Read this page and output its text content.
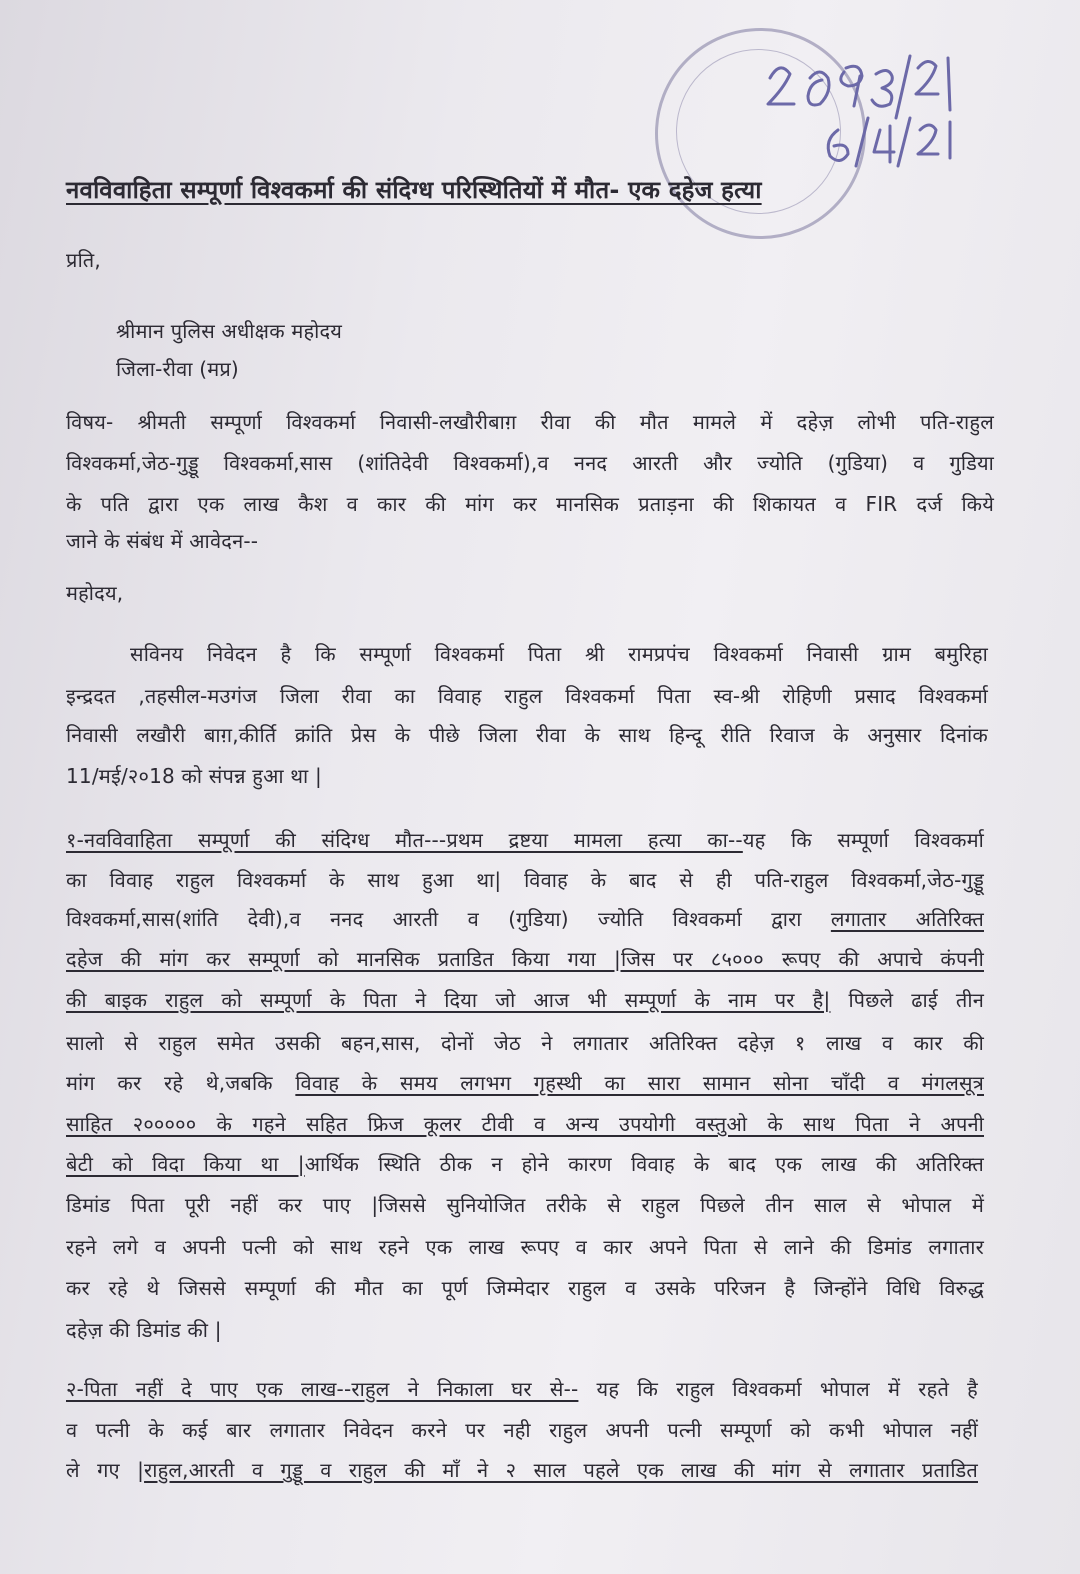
नवविवाहिता सम्पूर्णा विश्वकर्मा की संदिग्ध परिस्थितियों में मौत- एक दहेज हत्या
प्रति,
श्रीमान पुलिस अधीक्षक महोदय
जिला-रीवा (मप्र)
विषय- श्रीमती सम्पूर्णा विश्वकर्मा निवासी-लखौरीबाग़ रीवा की मौत मामले में दहेज़ लोभी पति-राहुल
विश्वकर्मा,जेठ-गुड्डू विश्वकर्मा,सास (शांतिदेवी विश्वकर्मा),व ननद आरती और ज्योति (गुडिया) व गुडिया
के पति द्वारा एक लाख कैश व कार की मांग कर मानसिक प्रताड़ना की शिकायत व FIR दर्ज किये
जाने के संबंध में आवेदन--
महोदय,
सविनय निवेदन है कि सम्पूर्णा विश्वकर्मा पिता श्री रामप्रपंच विश्वकर्मा निवासी ग्राम बमुरिहा
इन्द्रदत ,तहसील-मउगंज जिला रीवा का विवाह राहुल विश्वकर्मा पिता स्व-श्री रोहिणी प्रसाद विश्वकर्मा
निवासी लखौरी बाग़,कीर्ति क्रांति प्रेस के पीछे जिला रीवा के साथ हिन्दू रीति रिवाज के अनुसार दिनांक
11/मई/२०18 को संपन्न हुआ था |
१-नवविवाहिता सम्पूर्णा की संदिग्ध मौत---प्रथम द्रष्टया मामला हत्या का--यह कि सम्पूर्णा विश्वकर्मा
का विवाह राहुल विश्वकर्मा के साथ हुआ था| विवाह के बाद से ही पति-राहुल विश्वकर्मा,जेठ-गुड्डू
विश्वकर्मा,सास(शांति देवी),व ननद आरती व (गुडिया) ज्योति विश्वकर्मा द्वारा लगातार अतिरिक्त
दहेज की मांग कर सम्पूर्णा को मानसिक प्रताडित किया गया |जिस पर ८५००० रूपए की अपाचे कंपनी
की बाइक राहुल को सम्पूर्णा के पिता ने दिया जो आज भी सम्पूर्णा के नाम पर है| पिछले ढाई तीन
सालो से राहुल समेत उसकी बहन,सास, दोनों जेठ ने लगातार अतिरिक्त दहेज़ १ लाख व कार की
मांग कर रहे थे,जबकि विवाह के समय लगभग गृहस्थी का सारा सामान सोना चाँदी व मंगलसूत्र
साहित २००००० के गहने सहित फ्रिज कूलर टीवी व अन्य उपयोगी वस्तुओ के साथ पिता ने अपनी
बेटी को विदा किया था |आर्थिक स्थिति ठीक न होने कारण विवाह के बाद एक लाख की अतिरिक्त
डिमांड पिता पूरी नहीं कर पाए |जिससे सुनियोजित तरीके से राहुल पिछले तीन साल से भोपाल में
रहने लगे व अपनी पत्नी को साथ रहने एक लाख रूपए व कार अपने पिता से लाने की डिमांड लगातार
कर रहे थे जिससे सम्पूर्णा की मौत का पूर्ण जिम्मेदार राहुल व उसके परिजन है जिन्होंने विधि विरुद्ध
दहेज़ की डिमांड की |
२-पिता नहीं दे पाए एक लाख--राहुल ने निकाला घर से-- यह कि राहुल विश्वकर्मा भोपाल में रहते है
व पत्नी के कई बार लगातार निवेदन करने पर नही राहुल अपनी पत्नी सम्पूर्णा को कभी भोपाल नहीं
ले गए |राहुल,आरती व गुड्डू व राहुल की माँ ने २ साल पहले एक लाख की मांग से लगातार प्रताडित
